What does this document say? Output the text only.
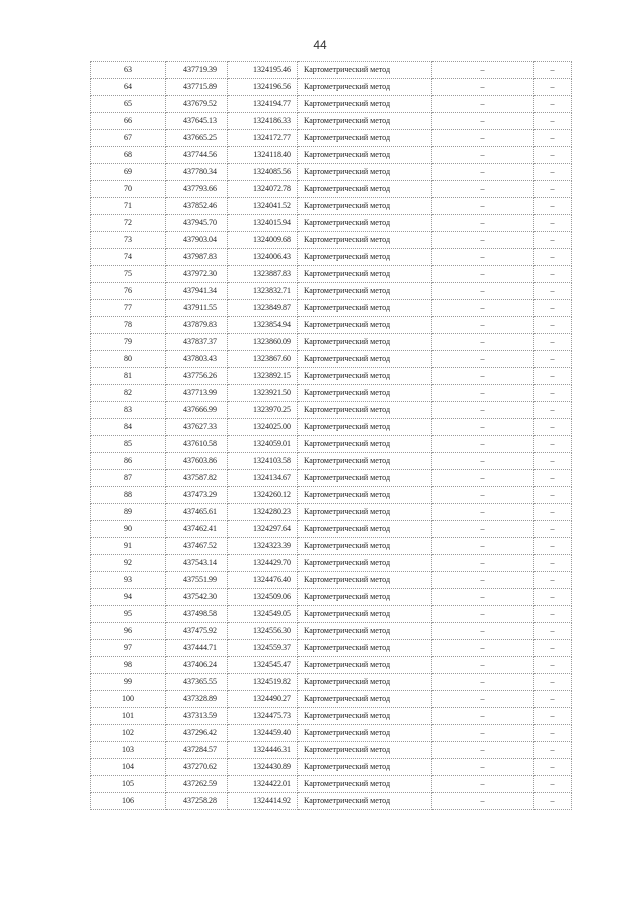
44
63	437719.39	1324195.46	Картометрический метод	–	–
64	437715.89	1324196.56	Картометрический метод	–	–
65	437679.52	1324194.77	Картометрический метод	–	–
66	437645.13	1324186.33	Картометрический метод	–	–
67	437665.25	1324172.77	Картометрический метод	–	–
68	437744.56	1324118.40	Картометрический метод	–	–
69	437780.34	1324085.56	Картометрический метод	–	–
70	437793.66	1324072.78	Картометрический метод	–	–
71	437852.46	1324041.52	Картометрический метод	–	–
72	437945.70	1324015.94	Картометрический метод	–	–
73	437903.04	1324009.68	Картометрический метод	–	–
74	437987.83	1324006.43	Картометрический метод	–	–
75	437972.30	1323887.83	Картометрический метод	–	–
76	437941.34	1323832.71	Картометрический метод	–	–
77	437911.55	1323849.87	Картометрический метод	–	–
78	437879.83	1323854.94	Картометрический метод	–	–
79	437837.37	1323860.09	Картометрический метод	–	–
80	437803.43	1323867.60	Картометрический метод	–	–
81	437756.26	1323892.15	Картометрический метод	–	–
82	437713.99	1323921.50	Картометрический метод	–	–
83	437666.99	1323970.25	Картометрический метод	–	–
84	437627.33	1324025.00	Картометрический метод	–	–
85	437610.58	1324059.01	Картометрический метод	–	–
86	437603.86	1324103.58	Картометрический метод	–	–
87	437587.82	1324134.67	Картометрический метод	–	–
88	437473.29	1324260.12	Картометрический метод	–	–
89	437465.61	1324280.23	Картометрический метод	–	–
90	437462.41	1324297.64	Картометрический метод	–	–
91	437467.52	1324323.39	Картометрический метод	–	–
92	437543.14	1324429.70	Картометрический метод	–	–
93	437551.99	1324476.40	Картометрический метод	–	–
94	437542.30	1324509.06	Картометрический метод	–	–
95	437498.58	1324549.05	Картометрический метод	–	–
96	437475.92	1324556.30	Картометрический метод	–	–
97	437444.71	1324559.37	Картометрический метод	–	–
98	437406.24	1324545.47	Картометрический метод	–	–
99	437365.55	1324519.82	Картометрический метод	–	–
100	437328.89	1324490.27	Картометрический метод	–	–
101	437313.59	1324475.73	Картометрический метод	–	–
102	437296.42	1324459.40	Картометрический метод	–	–
103	437284.57	1324446.31	Картометрический метод	–	–
104	437270.62	1324430.89	Картометрический метод	–	–
105	437262.59	1324422.01	Картометрический метод	–	–
106	437258.28	1324414.92	Картометрический метод	–	–
